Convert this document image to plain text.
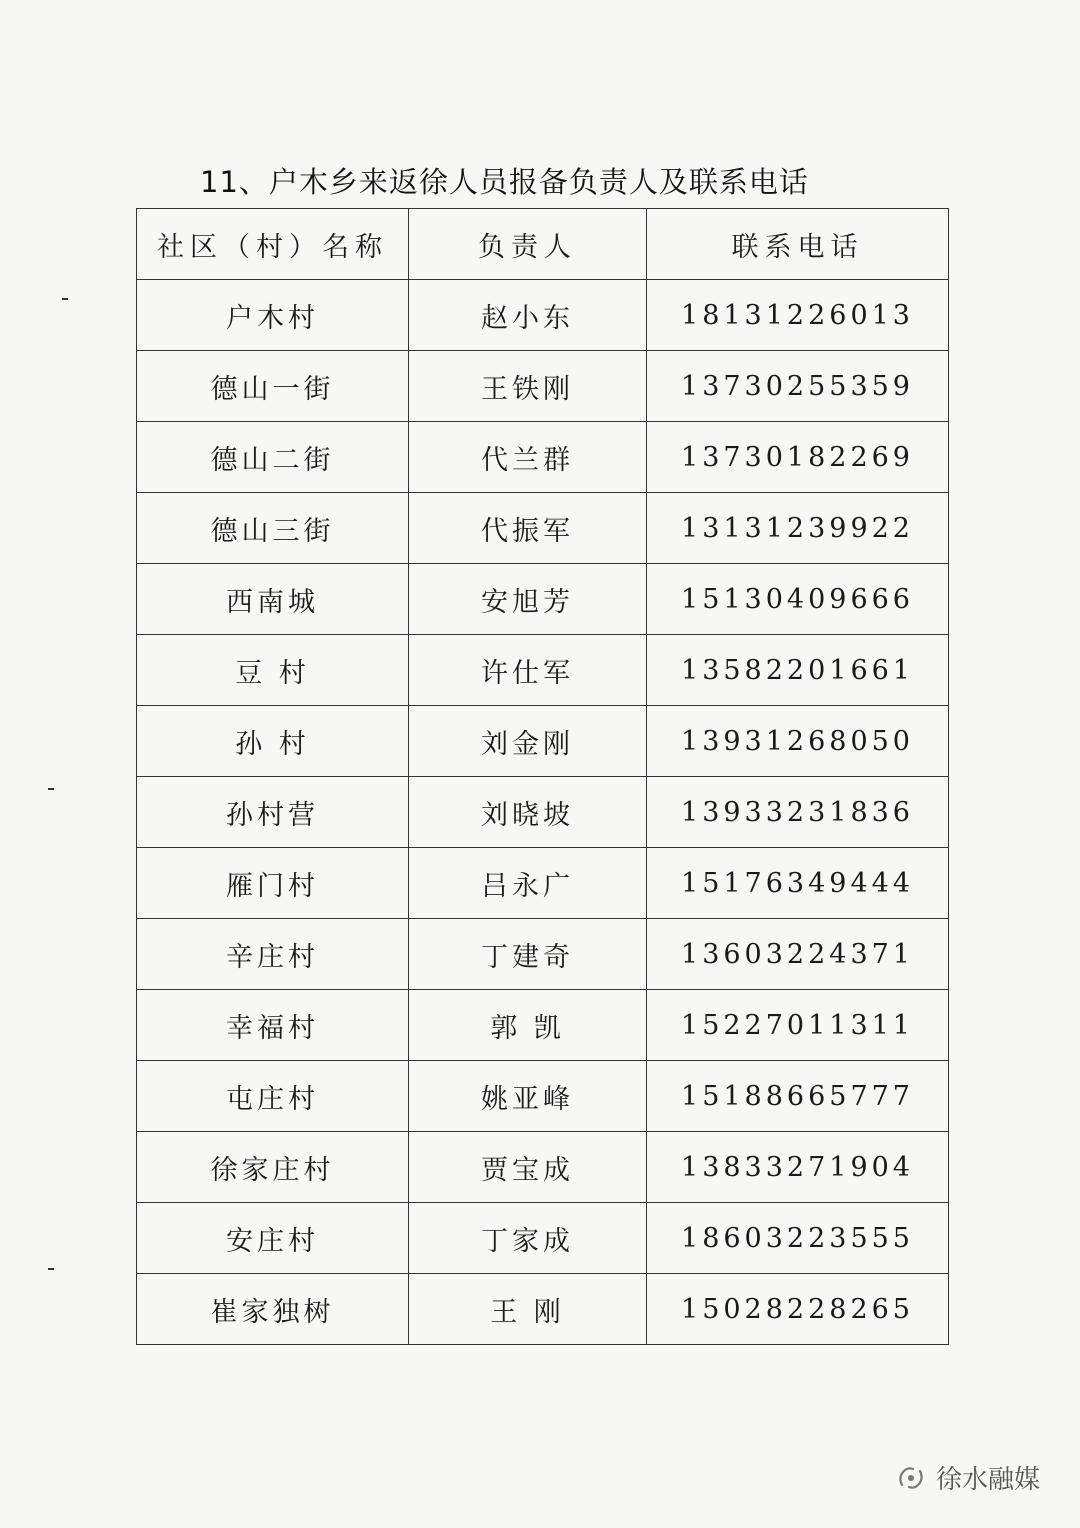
11、户木乡来返徐人员报备负责人及联系电话
社区（村）名称	负责人	联系电话
户木村	赵小东	18131226013
德山一街	王铁刚	13730255359
德山二街	代兰群	13730182269
德山三街	代振军	13131239922
西南城	安旭芳	15130409666
豆 村	许仕军	13582201661
孙 村	刘金刚	13931268050
孙村营	刘晓坡	13933231836
雁门村	吕永广	15176349444
辛庄村	丁建奇	13603224371
幸福村	郭 凯	15227011311
屯庄村	姚亚峰	15188665777
徐家庄村	贾宝成	13833271904
安庄村	丁家成	18603223555
崔家独树	王 刚	15028228265
徐水融媒
